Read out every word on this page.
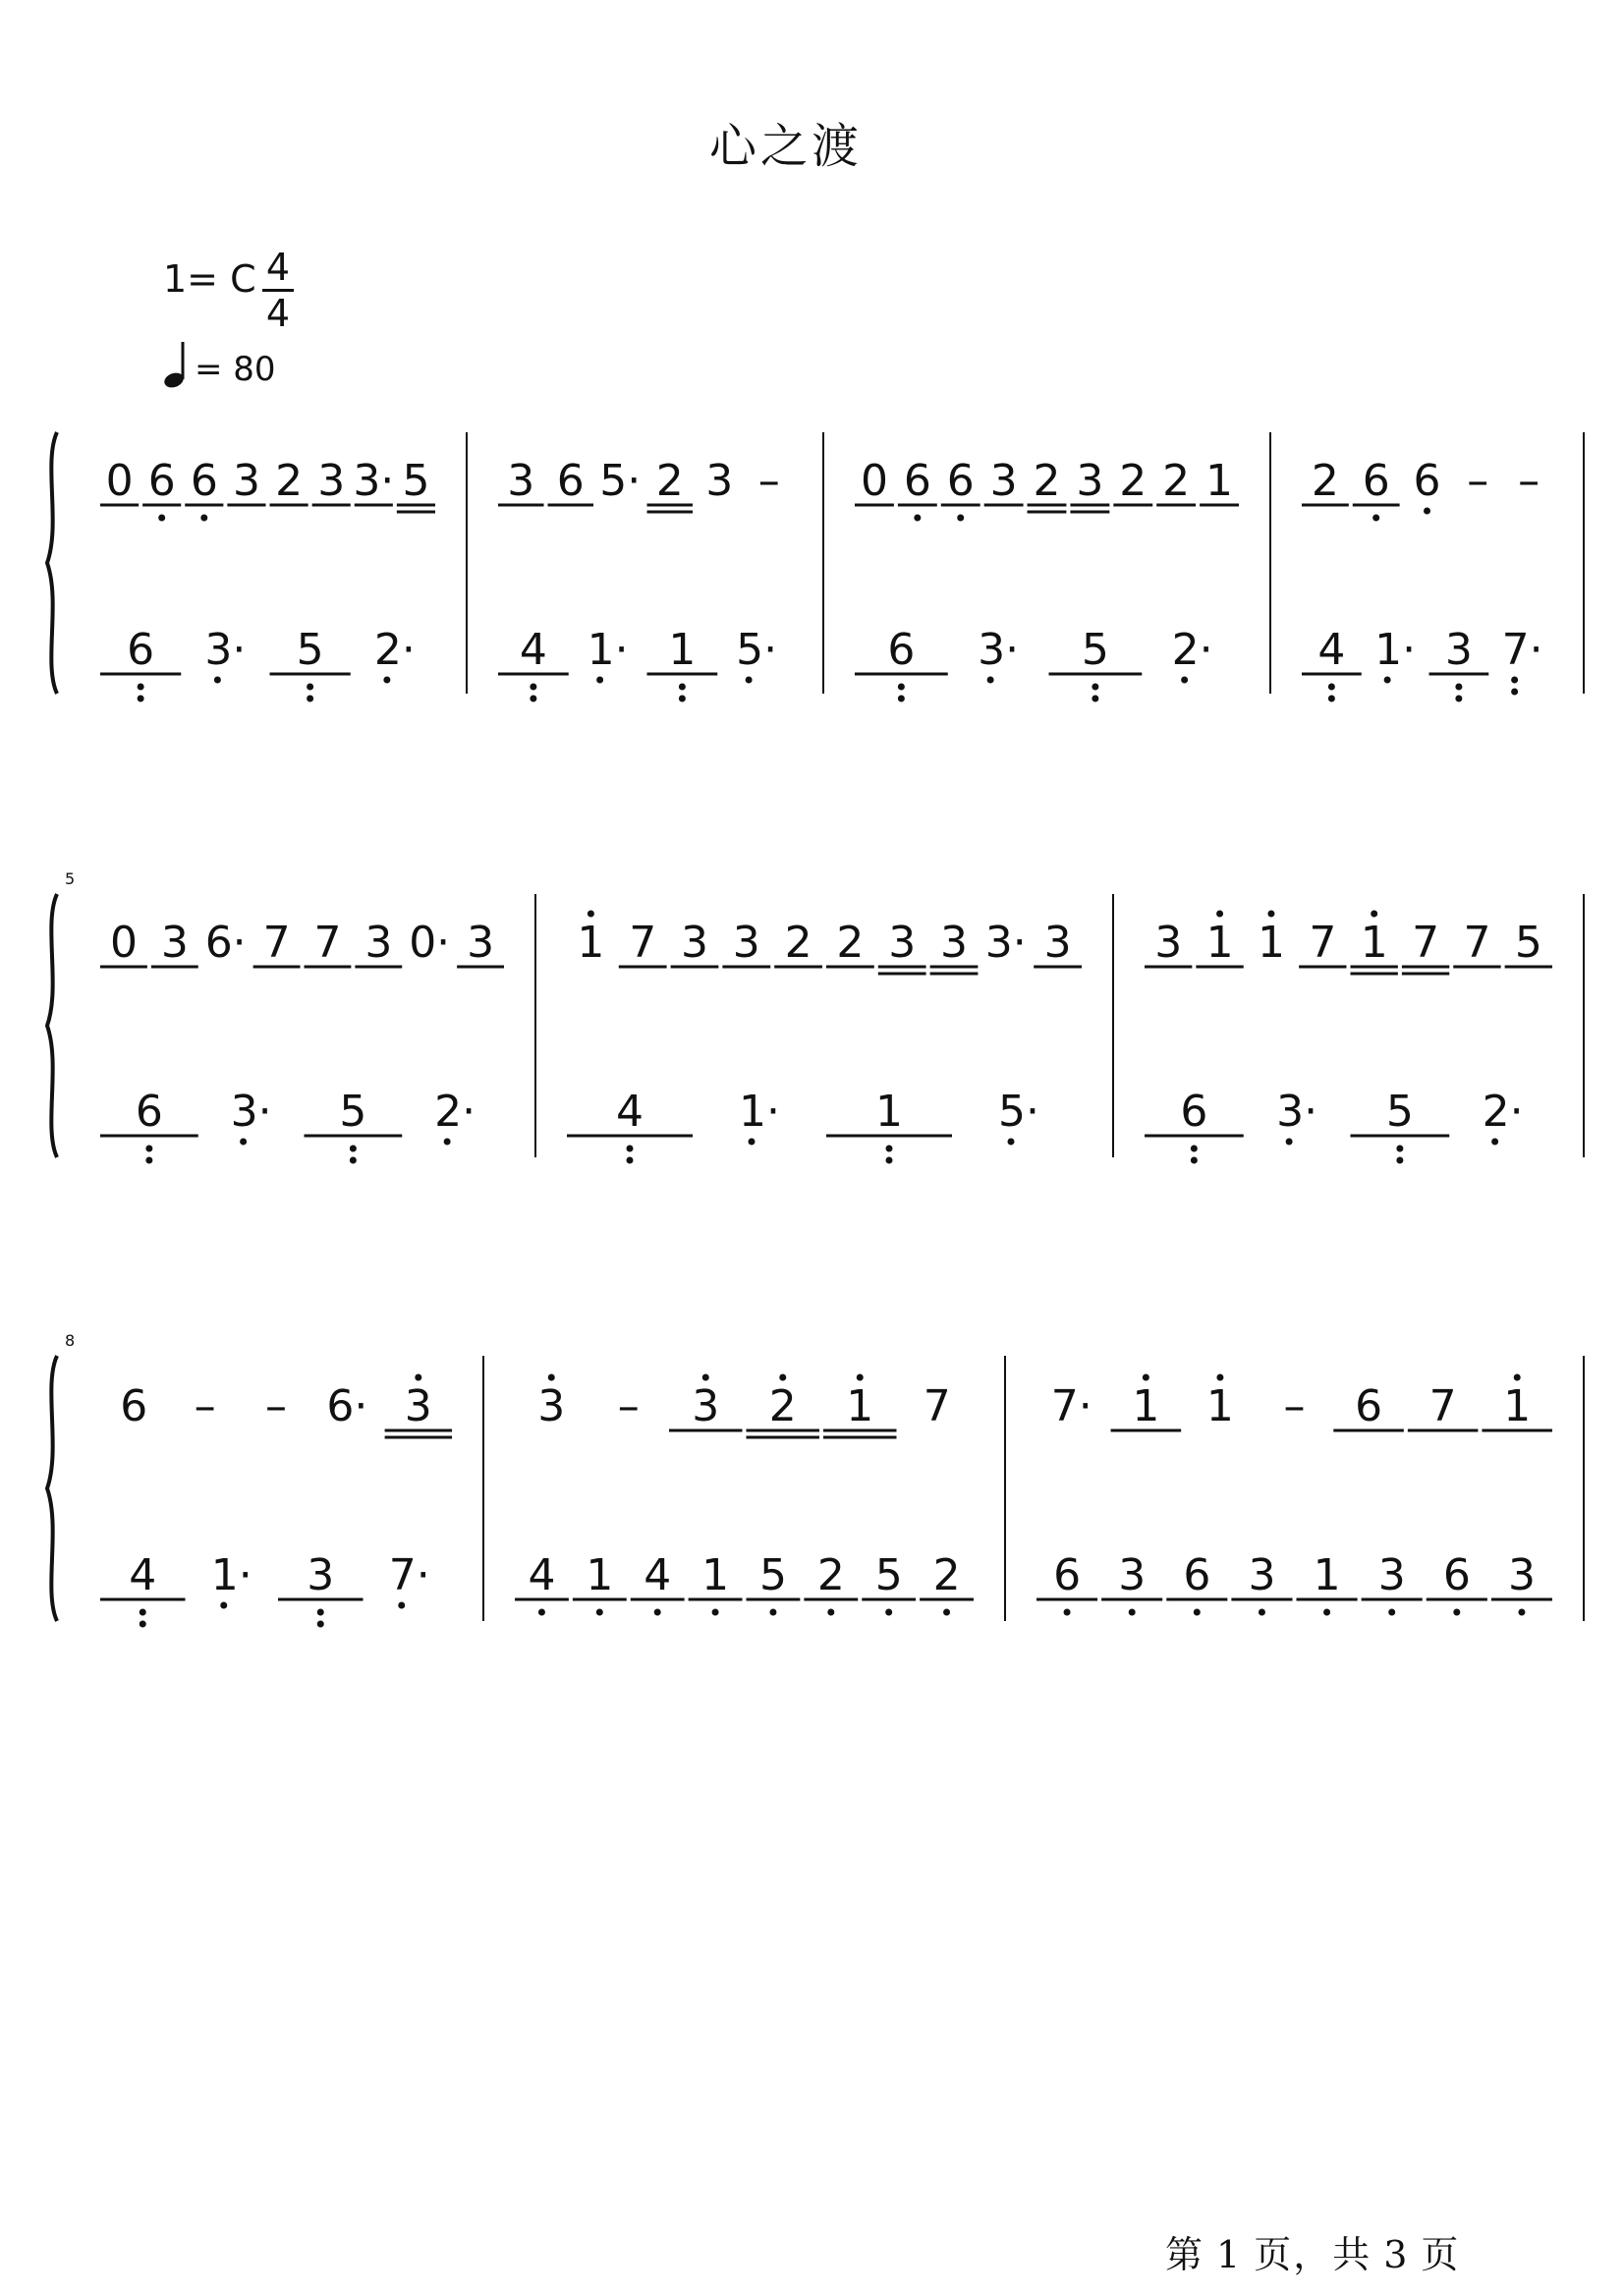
心之渡
1= C 4
4
= 80
0 6 6 3 2 3 3· 5
6 3· 5 2·
3 6 5· 2 3 –
4 1· 1 5·
0 6 6 3 2 3 2 2 1
6 3· 5 2·
2 6 6 – –
4 1· 3 7·
5
0 3 6· 7 7 3 0· 3
6 3· 5 2·
1 7 3 3 2 2 3 3 3· 3
4 1· 1 5·
3 1 1 7 1 7 7 5
6 3· 5 2·
8
6 – – 6· 3
4 1· 3 7·
3 – 3 2 1 7
4 1 4 1 5 2 5 2
7· 1 1 – 6 7 1
6 3 6 3 1 3 6 3
第 1 页，共 3 页
